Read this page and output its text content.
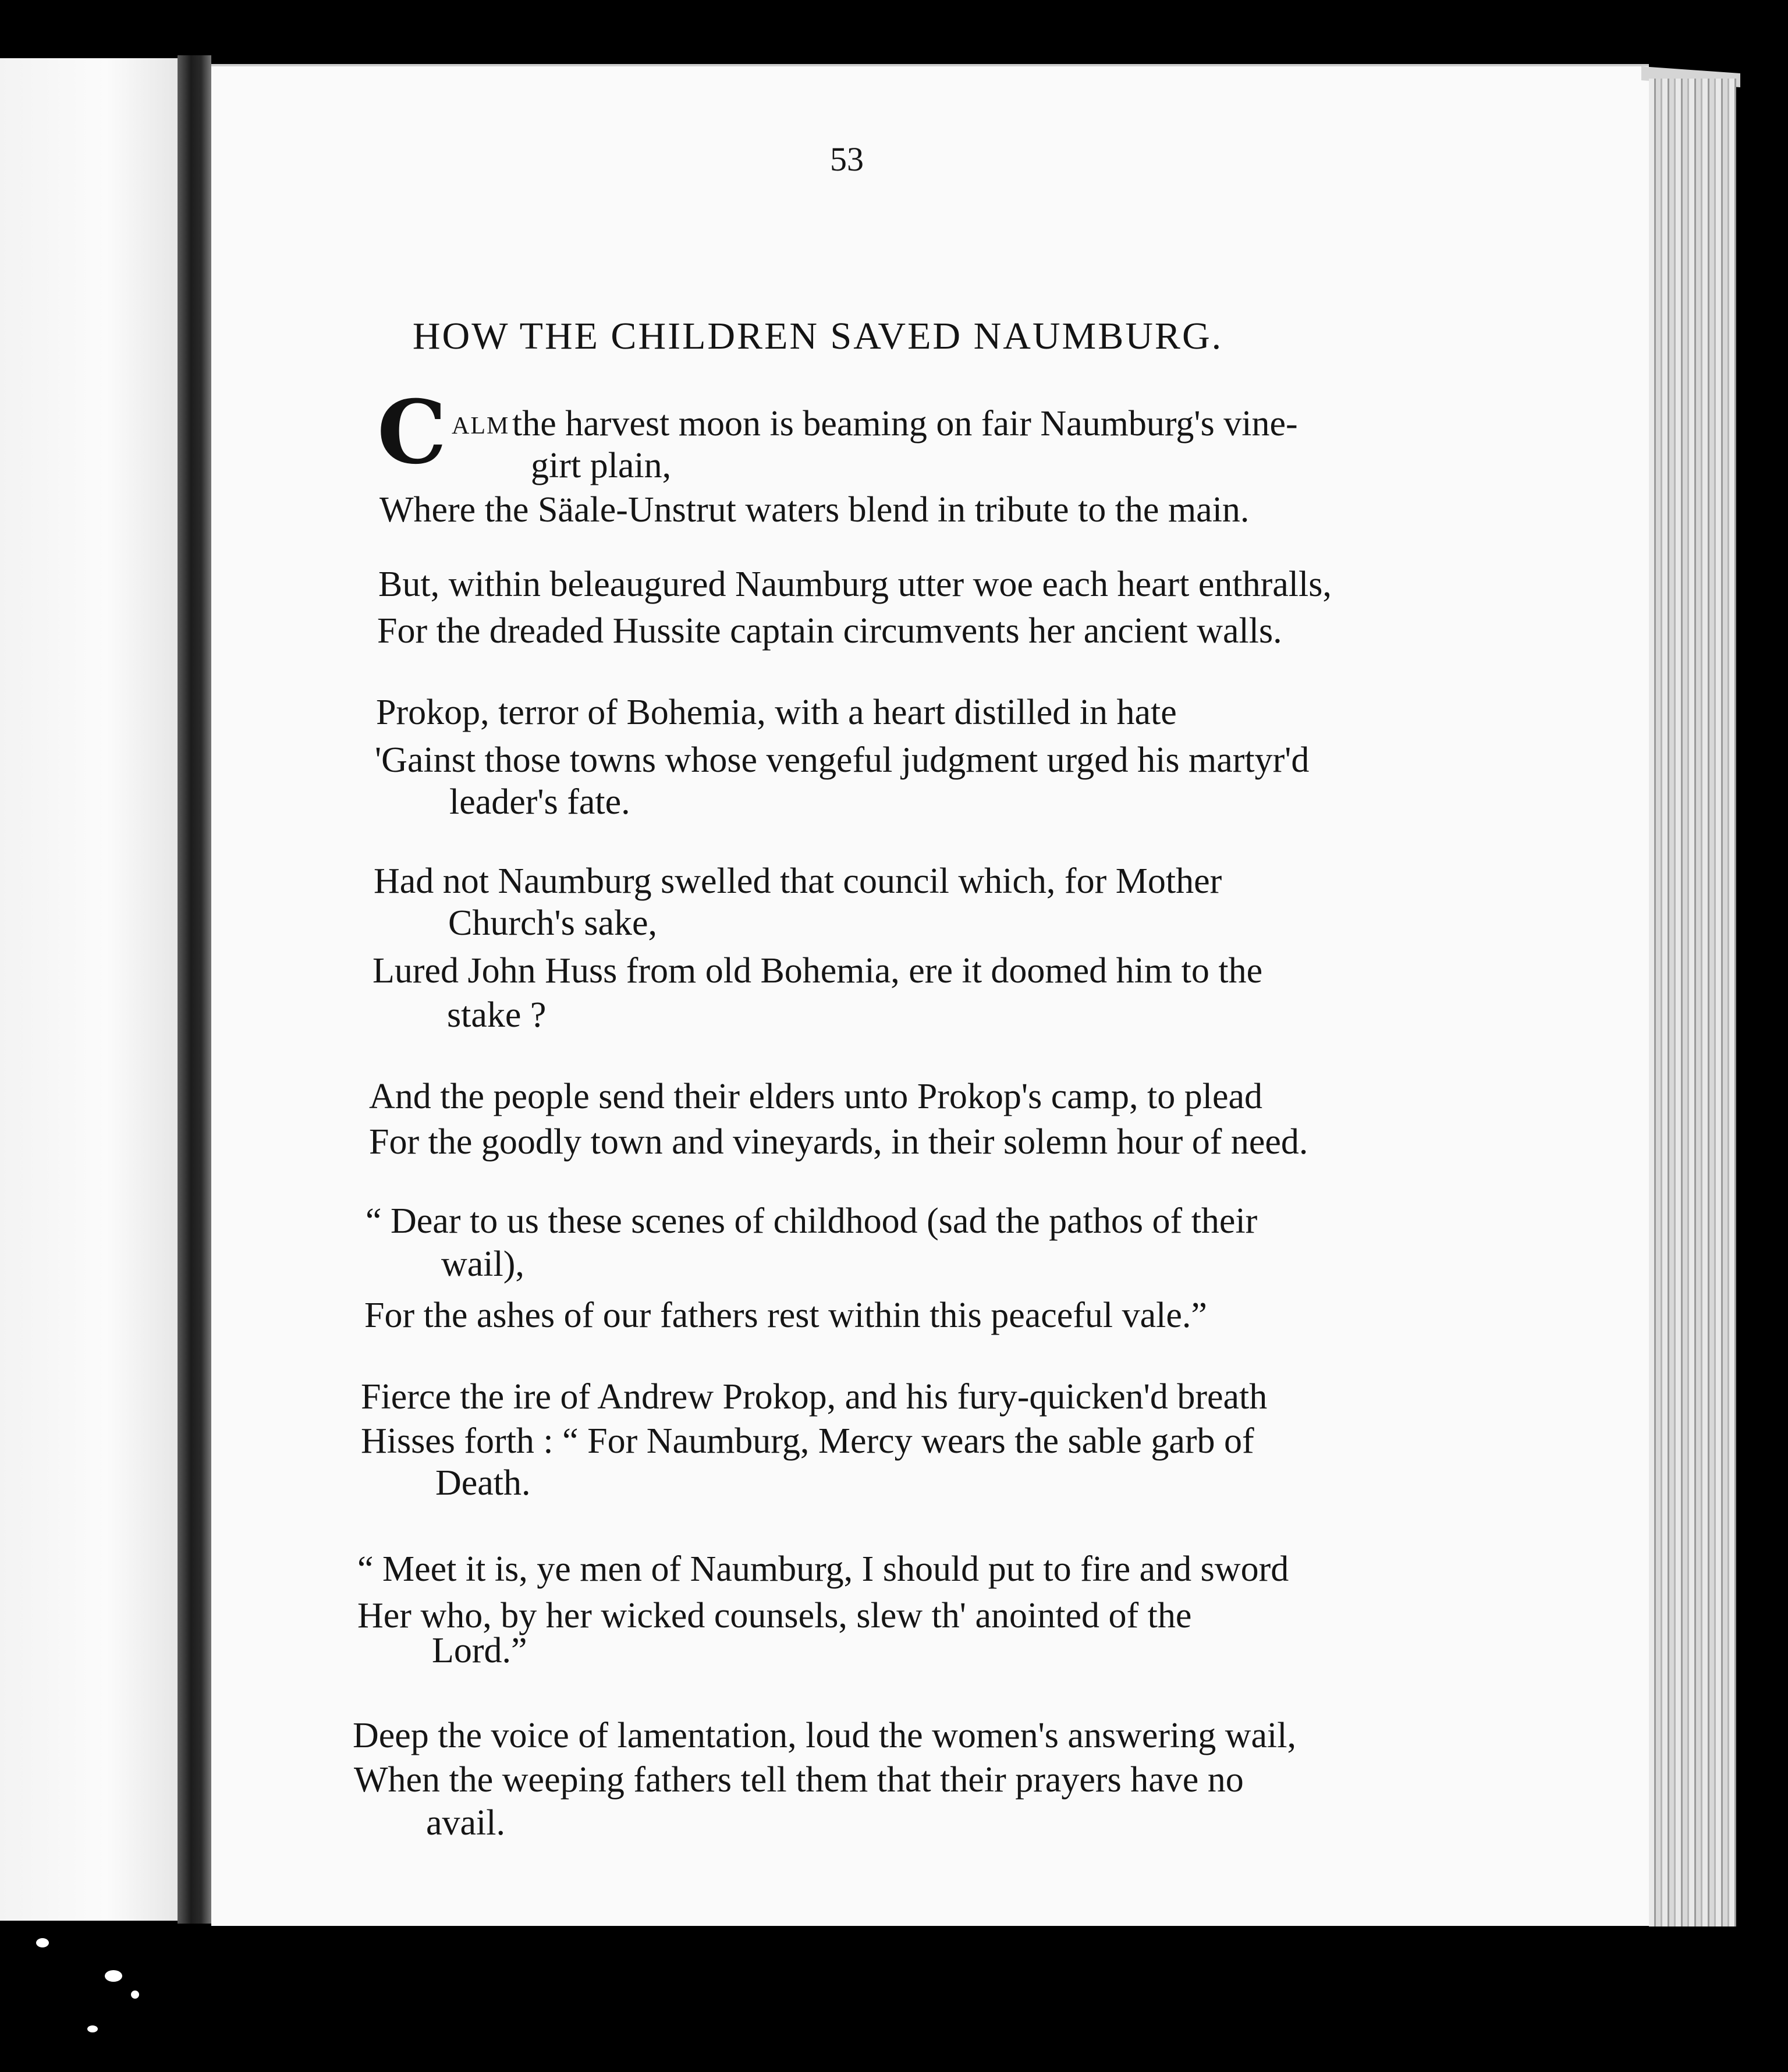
53
HOW THE CHILDREN SAVED NAUMBURG.
C ALM the harvest moon is beaming on fair Naumburg's vine-
girt plain,
Where the Säale-Unstrut waters blend in tribute to the main.
But, within beleaugured Naumburg utter woe each heart enthralls,
For the dreaded Hussite captain circumvents her ancient walls.
Prokop, terror of Bohemia, with a heart distilled in hate
'Gainst those towns whose vengeful judgment urged his martyr'd
leader's fate.
Had not Naumburg swelled that council which, for Mother
Church's sake,
Lured John Huss from old Bohemia, ere it doomed him to the
stake ?
And the people send their elders unto Prokop's camp, to plead
For the goodly town and vineyards, in their solemn hour of need.
“ Dear to us these scenes of childhood (sad the pathos of their
wail),
For the ashes of our fathers rest within this peaceful vale.”
Fierce the ire of Andrew Prokop, and his fury-quicken'd breath
Hisses forth : “ For Naumburg, Mercy wears the sable garb of
Death.
“ Meet it is, ye men of Naumburg, I should put to fire and sword
Her who, by her wicked counsels, slew th' anointed of the
Lord.”
Deep the voice of lamentation, loud the women's answering wail,
When the weeping fathers tell them that their prayers have no
avail.
